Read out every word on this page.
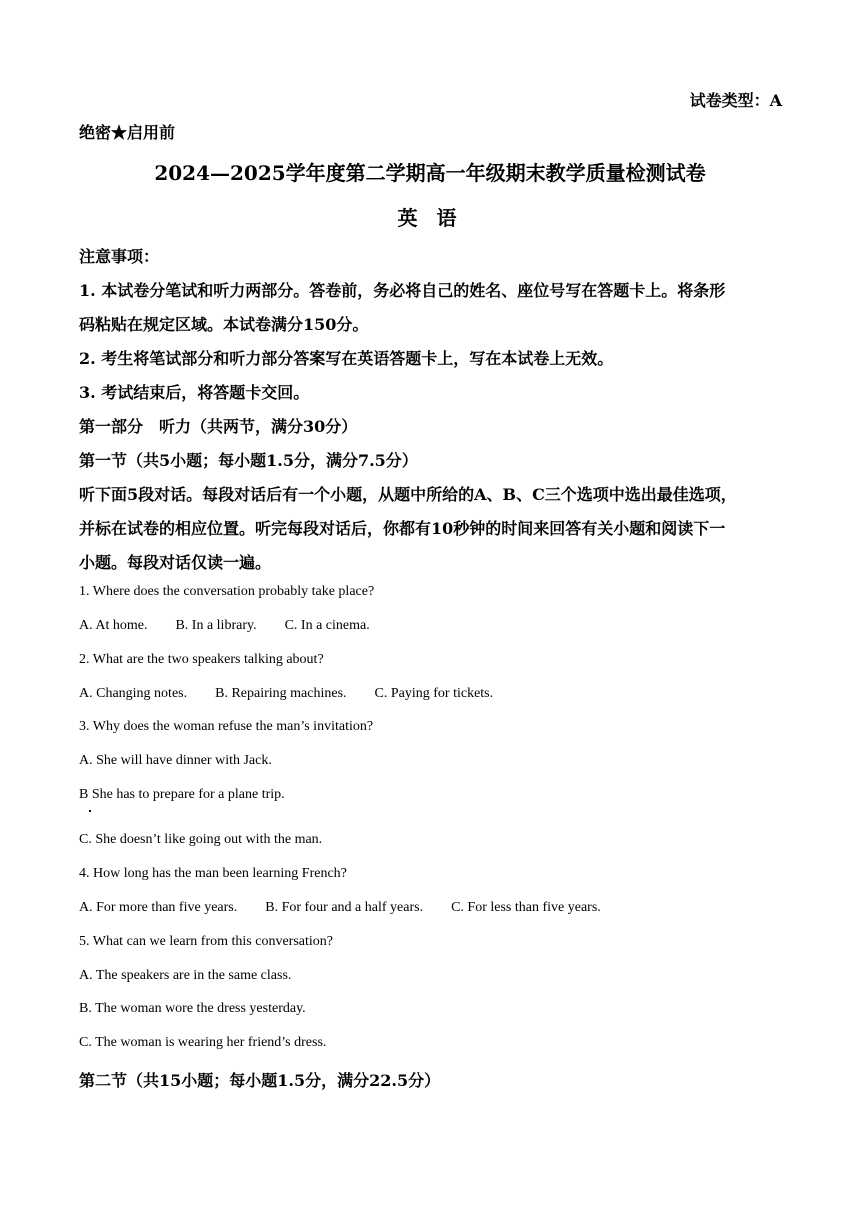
试卷类型：A
绝密★启用前
2024—2025学年度第二学期高一年级期末教学质量检测试卷
英 语
注意事项：
1. 本试卷分笔试和听力两部分。答卷前，务必将自己的姓名、座位号写在答题卡上。将条形
码粘贴在规定区域。本试卷满分150分。
2. 考生将笔试部分和听力部分答案写在英语答题卡上，写在本试卷上无效。
3. 考试结束后，将答题卡交回。
第一部分　听力（共两节，满分30分）
第一节（共5小题；每小题1.5分，满分7.5分）
听下面5段对话。每段对话后有一个小题，从题中所给的A、B、C三个选项中选出最佳选项，
并标在试卷的相应位置。听完每段对话后，你都有10秒钟的时间来回答有关小题和阅读下一
小题。每段对话仅读一遍。
1. Where does the conversation probably take place?
A. At home. B. In a library. C. In a cinema.
2. What are the two speakers talking about?
A. Changing notes. B. Repairing machines. C. Paying for tickets.
3. Why does the woman refuse the man’s invitation?
A. She will have dinner with Jack.
B She has to prepare for a plane trip.
C. She doesn’t like going out with the man.
4. How long has the man been learning French?
A. For more than five years. B. For four and a half years. C. For less than five years.
5. What can we learn from this conversation?
A. The speakers are in the same class.
B. The woman wore the dress yesterday.
C. The woman is wearing her friend’s dress.
第二节（共15小题；每小题1.5分，满分22.5分）
